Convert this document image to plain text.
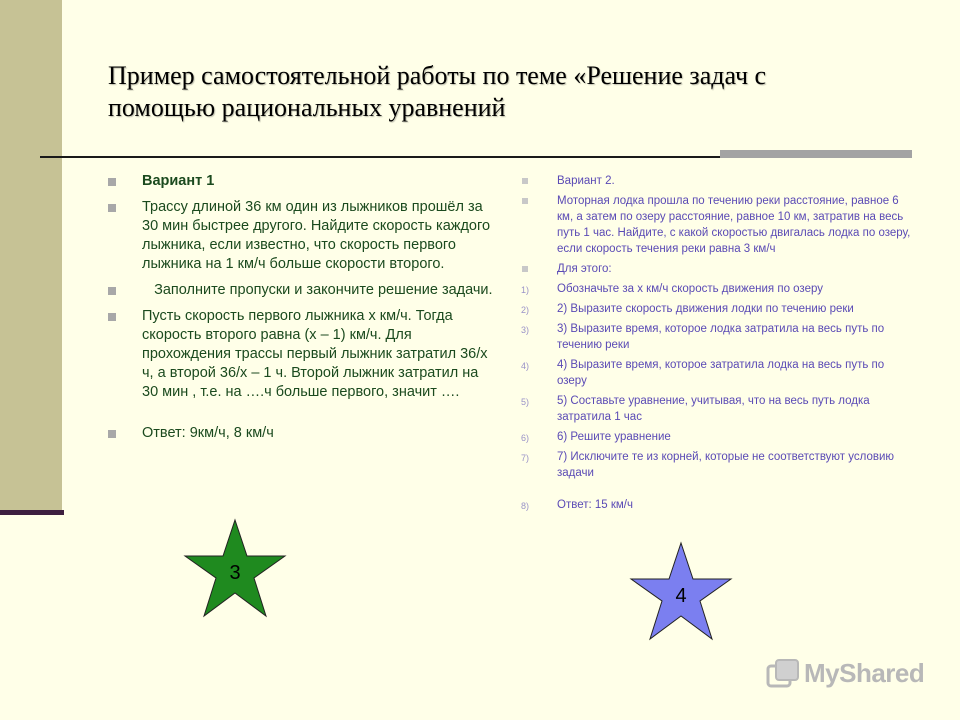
Пример самостоятельной работы по теме «Решение задач с помощью рациональных уравнений
Вариант 1
Трассу длиной 36 км один из лыжников прошёл за 30 мин быстрее другого. Найдите скорость каждого лыжника, если известно, что скорость первого лыжника на 1 км/ч больше скорости второго.
Заполните пропуски и закончите решение задачи.
Пусть скорость первого лыжника x км/ч. Тогда скорость второго равна (x – 1) км/ч. Для прохождения трассы первый лыжник затратил 36/x ч, а второй 36/x – 1 ч. Второй лыжник затратил на 30 мин , т.е. на ….ч больше первого, значит ….
Ответ: 9км/ч, 8 км/ч
Вариант 2.
Моторная лодка прошла по течению реки расстояние, равное 6 км, а затем по озеру расстояние, равное 10 км, затратив на весь путь 1 час. Найдите, с какой скоростью двигалась лодка по озеру, если скорость течения реки равна 3 км/ч
Для этого:
1) Обозначьте за x км/ч скорость движения по озеру
2) 2) Выразите скорость движения лодки по течению реки
3) 3) Выразите время, которое лодка затратила на весь путь по течению реки
4) 4) Выразите время, которое затратила лодка на весь путь по озеру
5) 5) Составьте уравнение, учитывая, что на весь путь лодка затратила 1 час
6) 6) Решите уравнение
7) 7) Исключите те из корней, которые не соответствуют условию задачи
8) Ответ: 15 км/ч
3
4
MyShared
